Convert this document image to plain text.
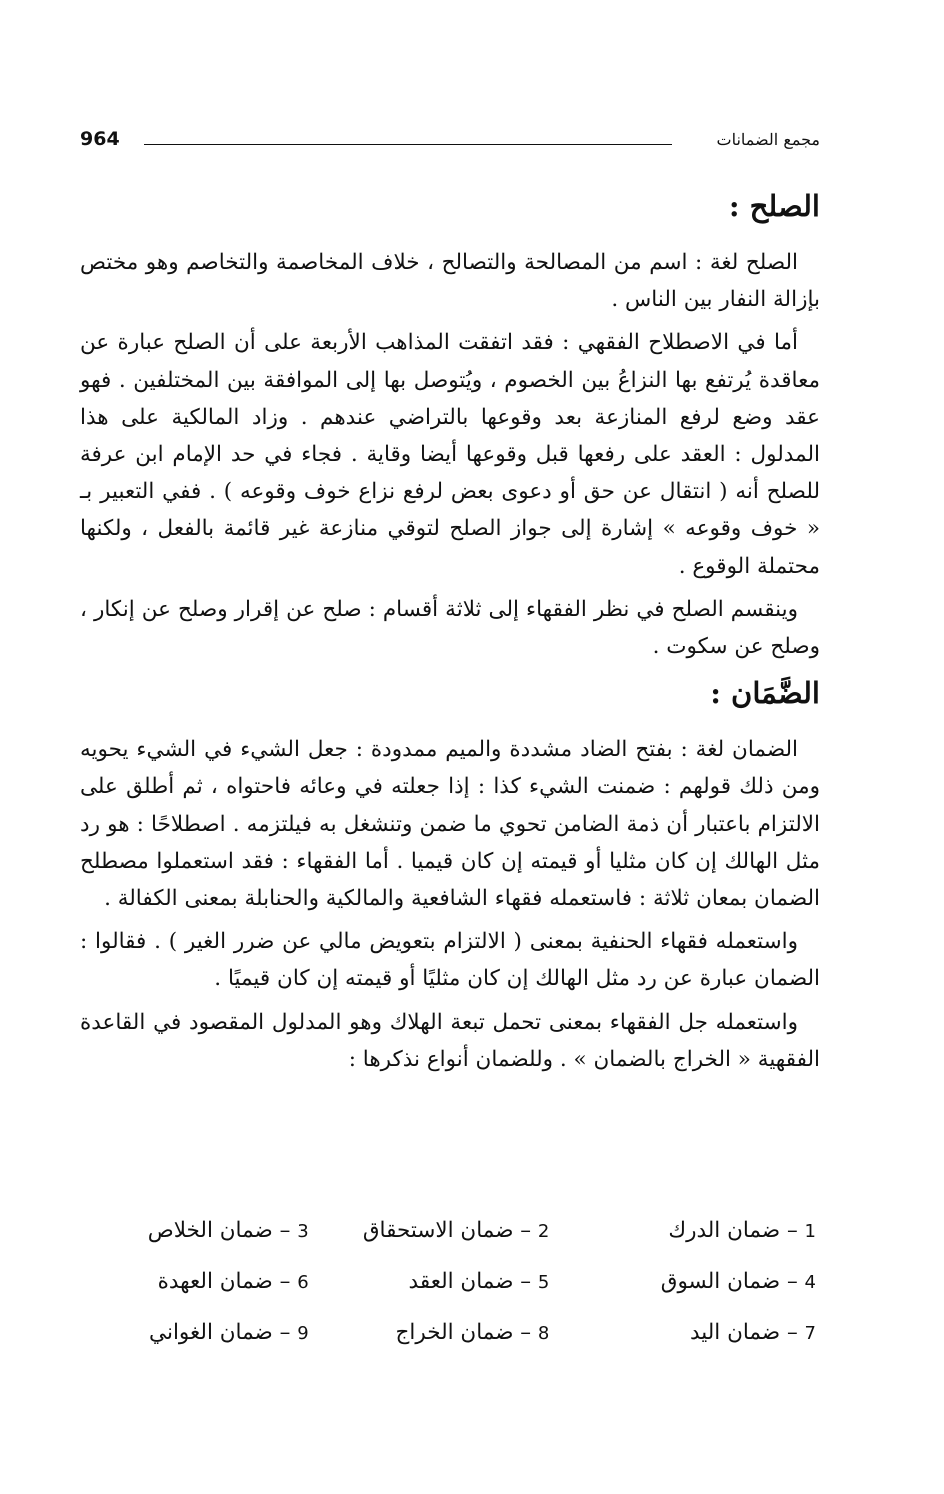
964	مجمع الضمانات
الصلح :

الصلح لغة : اسم من المصالحة والتصالح ، خلاف المخاصمة والتخاصم وهو مختص بإزالة النفار بين الناس .

أما في الاصطلاح الفقهي : فقد اتفقت المذاهب الأربعة على أن الصلح عبارة عن معاقدة يُرتفع بها النزاعُ بين الخصوم ، ويُتوصل بها إلى الموافقة بين المختلفين . فهو عقد وضع لرفع المنازعة بعد وقوعها بالتراضي عندهم . وزاد المالكية على هذا المدلول : العقد على رفعها قبل وقوعها أيضا وقاية . فجاء في حد الإمام ابن عرفة للصلح أنه ( انتقال عن حق أو دعوى بعض لرفع نزاع خوف وقوعه ) . ففي التعبير بـ « خوف وقوعه » إشارة إلى جواز الصلح لتوقي منازعة غير قائمة بالفعل ، ولكنها محتملة الوقوع .

وينقسم الصلح في نظر الفقهاء إلى ثلاثة أقسام : صلح عن إقرار وصلح عن إنكار ، وصلح عن سكوت .

الضَّمَان :

الضمان لغة : بفتح الضاد مشددة والميم ممدودة : جعل الشيء في الشيء يحويه ومن ذلك قولهم : ضمنت الشيء كذا : إذا جعلته في وعائه فاحتواه ، ثم أطلق على الالتزام باعتبار أن ذمة الضامن تحوي ما ضمن وتنشغل به فيلتزمه . اصطلاحًا : هو رد مثل الهالك إن كان مثليا أو قيمته إن كان قيميا . أما الفقهاء : فقد استعملوا مصطلح الضمان بمعان ثلاثة : فاستعمله فقهاء الشافعية والمالكية والحنابلة بمعنى الكفالة .

واستعمله فقهاء الحنفية بمعنى ( الالتزام بتعويض مالي عن ضرر الغير ) . فقالوا : الضمان عبارة عن رد مثل الهالك إن كان مثليًا أو قيمته إن كان قيميًا .

واستعمله جل الفقهاء بمعنى تحمل تبعة الهلاك وهو المدلول المقصود في القاعدة الفقهية « الخراج بالضمان » . وللضمان أنواع نذكرها :

1 – ضمان الدرك
2 – ضمان الاستحقاق
3 – ضمان الخلاص
4 – ضمان السوق
5 – ضمان العقد
6 – ضمان العهدة
7 – ضمان اليد
8 – ضمان الخراج
9 – ضمان الغواني
